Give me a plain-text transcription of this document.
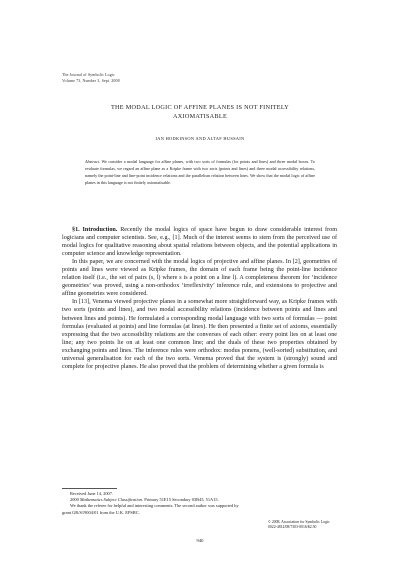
The Journal of Symbolic Logic
Volume 73, Number 3, Sept. 2008
THE MODAL LOGIC OF AFFINE PLANES IS NOT FINITELY
AXIOMATISABLE
IAN HODKINSON AND ALTAF HUSSAIN
Abstract. We consider a modal language for affine planes, with two sorts of formulas (for points and lines) and three modal boxes. To evaluate formulas, we regard an affine plane as a Kripke frame with two sorts (points and lines) and three modal accessibility relations, namely the point-line and line-point incidence relations and the parallelism relation between lines. We show that the modal logic of affine planes in this language is not finitely axiomatisable.

§1. Introduction. Recently the modal logics of space have begun to draw considerable interest from logicians and computer scientists. See, e.g., [1]. Much of the interest seems to stem from the perceived use of modal logics for qualitative reasoning about spatial relations between objects, and the potential applications in computer science and knowledge representation.

In this paper, we are concerned with the modal logics of projective and affine planes. In [2], geometries of points and lines were viewed as Kripke frames, the domain of each frame being the point-line incidence relation itself (i.e., the set of pairs (s, l) where s is a point on a line l). A completeness theorem for ‘incidence geometries’ was proved, using a non-orthodox ‘irreflexivity’ inference rule, and extensions to projective and affine geometries were considered.

In [13], Venema viewed projective planes in a somewhat more straightforward way, as Kripke frames with two sorts (points and lines), and two modal accessibility relations (incidence between points and lines and between lines and points). He formulated a corresponding modal language with two sorts of formulas — point formulas (evaluated at points) and line formulas (at lines). He then presented a finite set of axioms, essentially expressing that the two accessibility relations are the converses of each other: every point lies on at least one line; any two points lie on at least one common line; and the duals of these two properties obtained by exchanging points and lines. The inference rules were orthodox: modus ponens, (well-sorted) substitution, and universal generalisation for each of the two sorts. Venema proved that the system is (strongly) sound and complete for projective planes. He also proved that the problem of determining whether a given formula is

Received June 14, 2007.
2000 Mathematics Subject Classification. Primary 51E15 Secondary 03B45, 51A15.
We thank the referee for helpful and interesting comments. The second author was supported by
grant GR/S19004/01 from the U.K. EPSRC.
© 2008, Association for Symbolic Logic
0022-4812/08/7303-0016/$2.50
940
